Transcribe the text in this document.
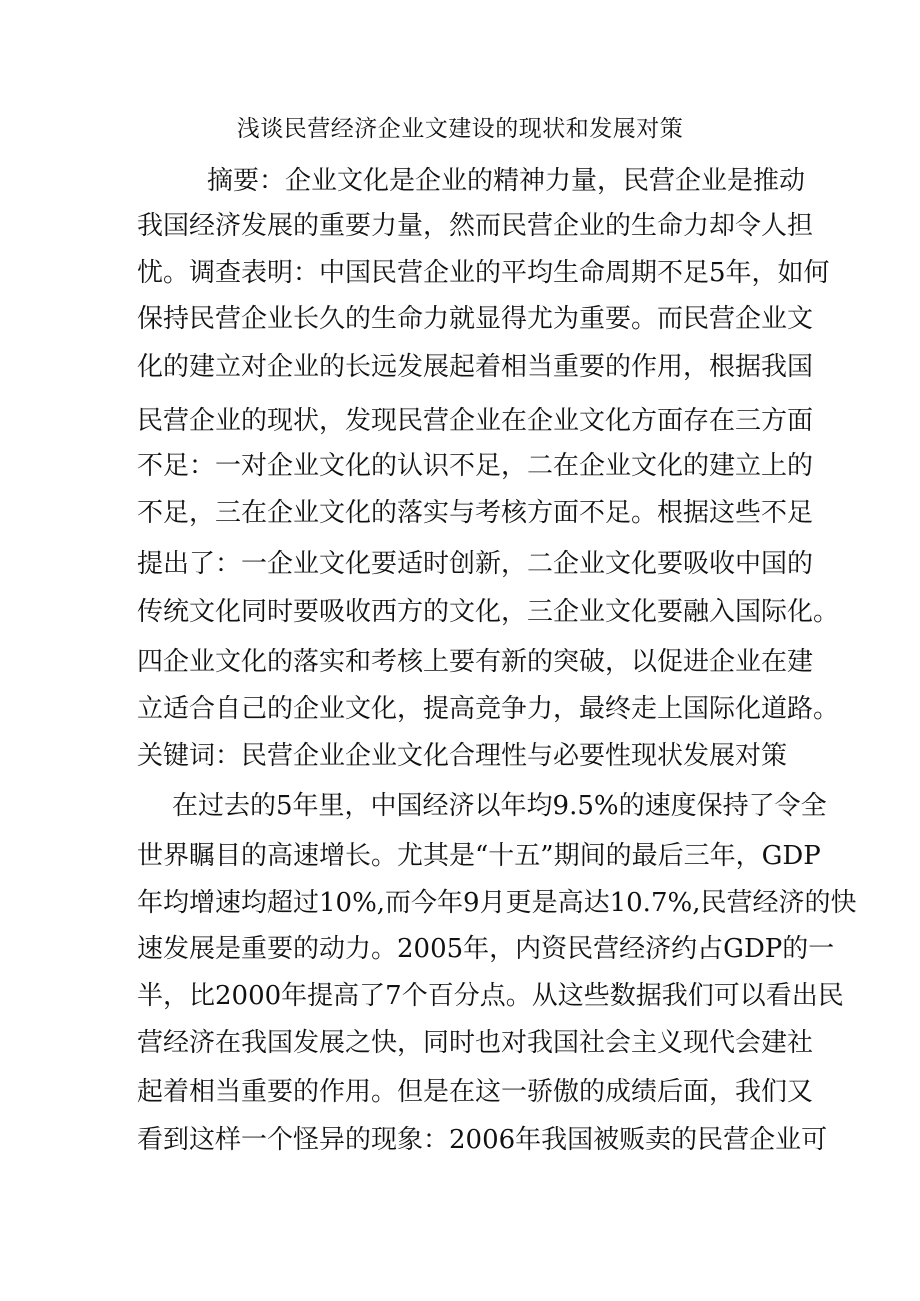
浅谈民营经济企业文建设的现状和发展对策

摘要：企业文化是企业的精神力量，民营企业是推动

我国经济发展的重要力量，然而民营企业的生命力却令人担

忧。调查表明：中国民营企业的平均生命周期不足5年，如何

保持民营企业长久的生命力就显得尤为重要。而民营企业文

化的建立对企业的长远发展起着相当重要的作用，根据我国

民营企业的现状，发现民营企业在企业文化方面存在三方面

不足：一对企业文化的认识不足，二在企业文化的建立上的

不足，三在企业文化的落实与考核方面不足。根据这些不足

提出了：一企业文化要适时创新，二企业文化要吸收中国的

传统文化同时要吸收西方的文化，三企业文化要融入国际化。

四企业文化的落实和考核上要有新的突破，以促进企业在建

立适合自己的企业文化，提高竞争力，最终走上国际化道路。

关键词：民营企业企业文化合理性与必要性现状发展对策

在过去的5年里，中国经济以年均9.5%的速度保持了令全

世界瞩目的高速增长。尤其是“十五”期间的最后三年，GDP

年均增速均超过10%,而今年9月更是高达10.7%,民营经济的快

速发展是重要的动力。2005年，内资民营经济约占GDP的一

半，比2000年提高了7个百分点。从这些数据我们可以看出民

营经济在我国发展之快，同时也对我国社会主义现代会建社

起着相当重要的作用。但是在这一骄傲的成绩后面，我们又

看到这样一个怪异的现象：2006年我国被贩卖的民营企业可
